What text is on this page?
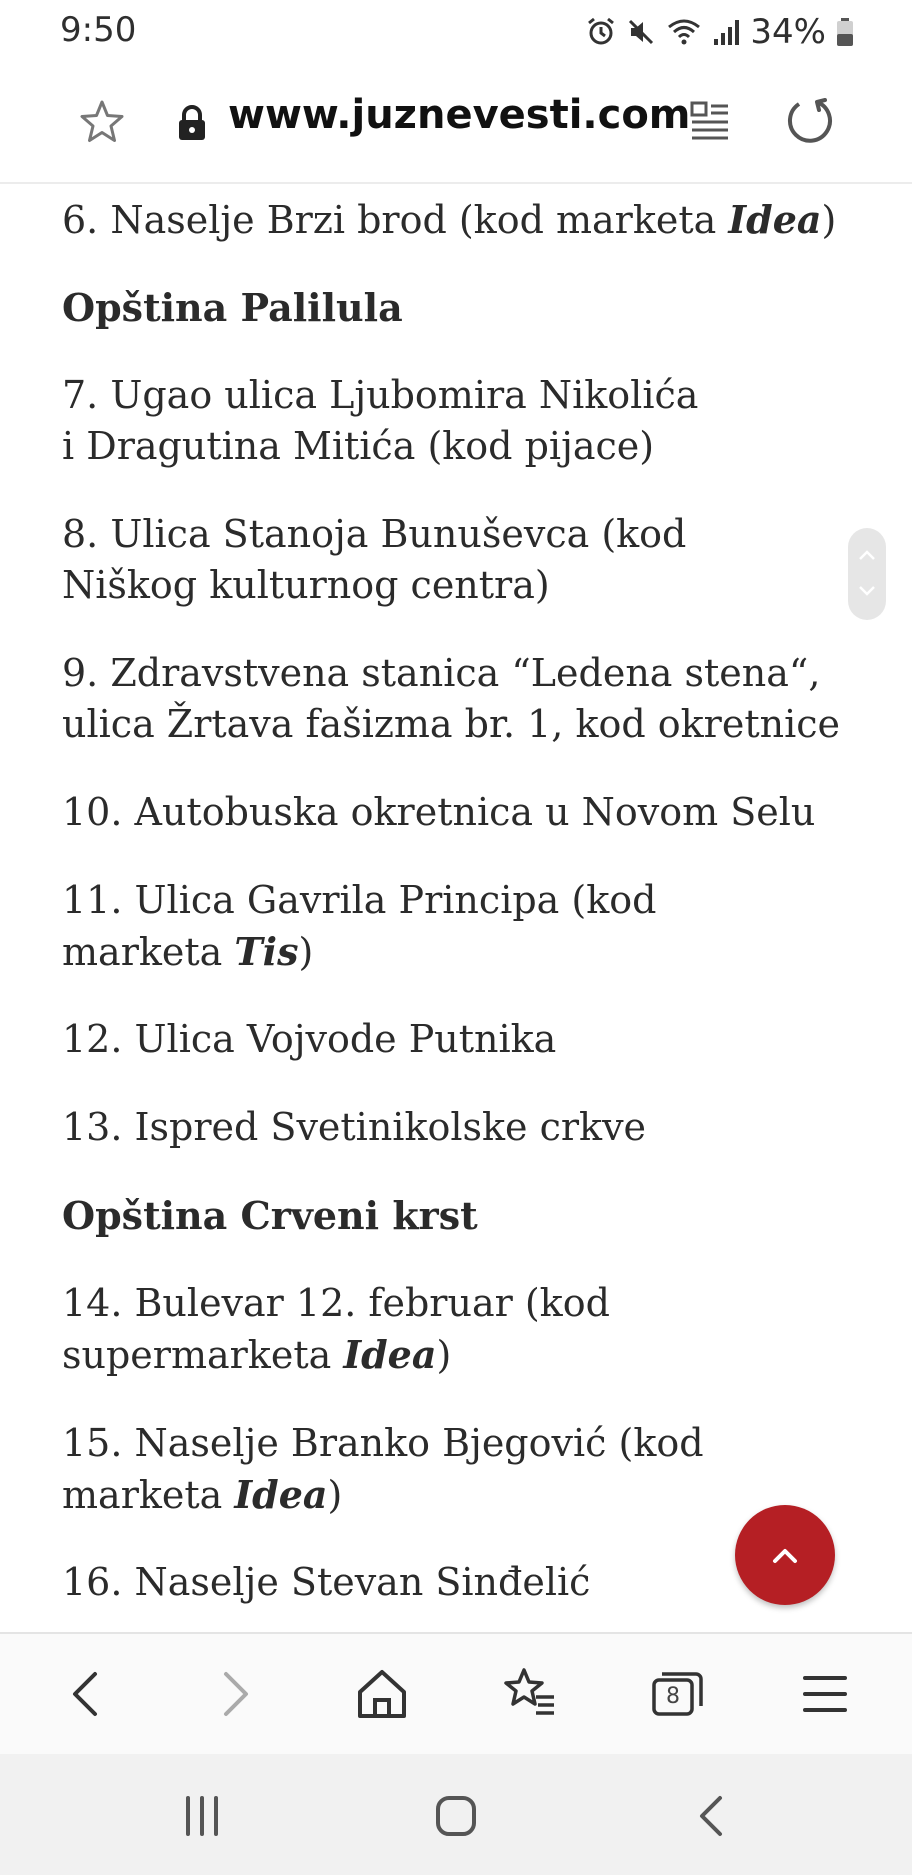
9:50	34%
www.juznevesti.com

6. Naselje Brzi brod (kod marketa Idea)

Opština Palilula

7. Ugao ulica Ljubomira Nikolića i Dragutina Mitića (kod pijace)

8. Ulica Stanoja Bunuševca (kod Niškog kulturnog centra)

9. Zdravstvena stanica “Ledena stena“, ulica Žrtava fašizma br. 1, kod okretnice

10. Autobuska okretnica u Novom Selu

11. Ulica Gavrila Principa (kod marketa Tis)

12. Ulica Vojvode Putnika

13. Ispred Svetinikolske crkve

Opština Crveni krst

14. Bulevar 12. februar (kod supermarketa Idea)

15. Naselje Branko Bjegović (kod marketa Idea)

16. Naselje Stevan Sinđelić

8
